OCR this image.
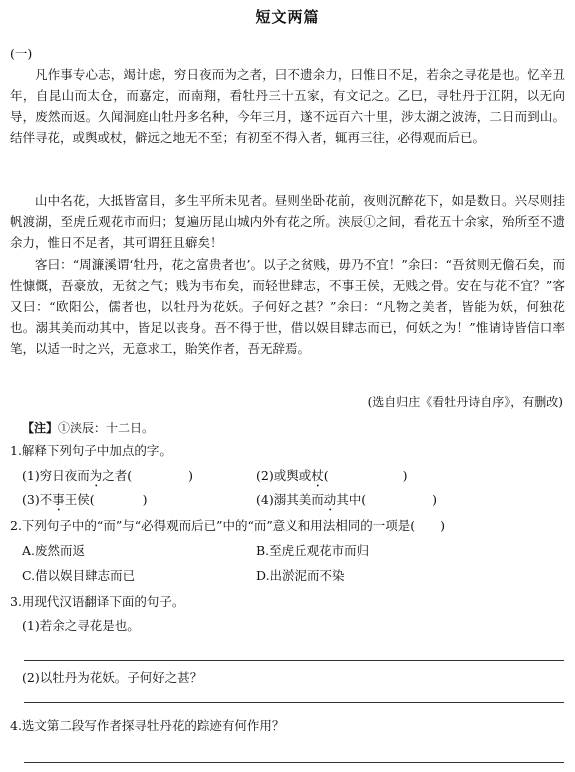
短文两篇
(一)
凡作事专心志，竭计虑，穷日夜而为之者，曰不遗余力，曰惟日不足，若余之寻花是也。忆辛丑年，自昆山而太仓，而嘉定，而南翔，看牡丹三十五家，有文记之。乙巳，寻牡丹于江阴，以无向导，废然而返。久闻洞庭山牡丹多名种，今年三月，遂不远百六十里，涉太湖之波涛，二日而到山。结伴寻花，或舆或杖，僻远之地无不至；有初至不得入者，辄再三往，必得观而后已。
山中名花，大抵皆富目，多生平所未见者。昼则坐卧花前，夜则沉醉花下，如是数日。兴尽则挂帆渡湖，至虎丘观花市而归；复遍历昆山城内外有花之所。浃辰①之间，看花五十余家，殆所至不遗余力，惟日不足者，其可谓狂且癖矣！
客曰：“周濂溪谓‘牡丹，花之富贵者也’。以子之贫贱，毋乃不宜！”余曰：“吾贫则无儋石矣，而性慷慨，吾豪放，无贫之气；贱为韦布矣，而轻世肆志，不事王侯，无贱之骨。安在与花不宜？”客又曰：“欧阳公，儒者也，以牡丹为花妖。子何好之甚？”余曰：“凡物之美者，皆能为妖，何独花也。溺其美而动其中，皆足以丧身。吾不得于世，借以娱目肆志而已，何妖之为！”惟请诗皆信口率笔，以适一时之兴，无意求工，貽笑作者，吾无辞焉。
(选自归庄《看牡丹诗自序》，有删改)
【注】①浃辰：十二日。
1.解释下列句子中加点的字。
(1)穷日夜而为之者(	)	(2)或舆或杖(	)
(3)不事王侯(	)	(4)溺其美而动其中(	)
2.下列句子中的“而”与“必得观而后已”中的“而”意义和用法相同的一项是(　　)
A.废然而返	B.至虎丘观花市而归
C.借以娱目肆志而已	D.出淤泥而不染
3.用现代汉语翻译下面的句子。
(1)若余之寻花是也。
(2)以牡丹为花妖。子何好之甚？
4.选文第二段写作者探寻牡丹花的踪迹有何作用？
